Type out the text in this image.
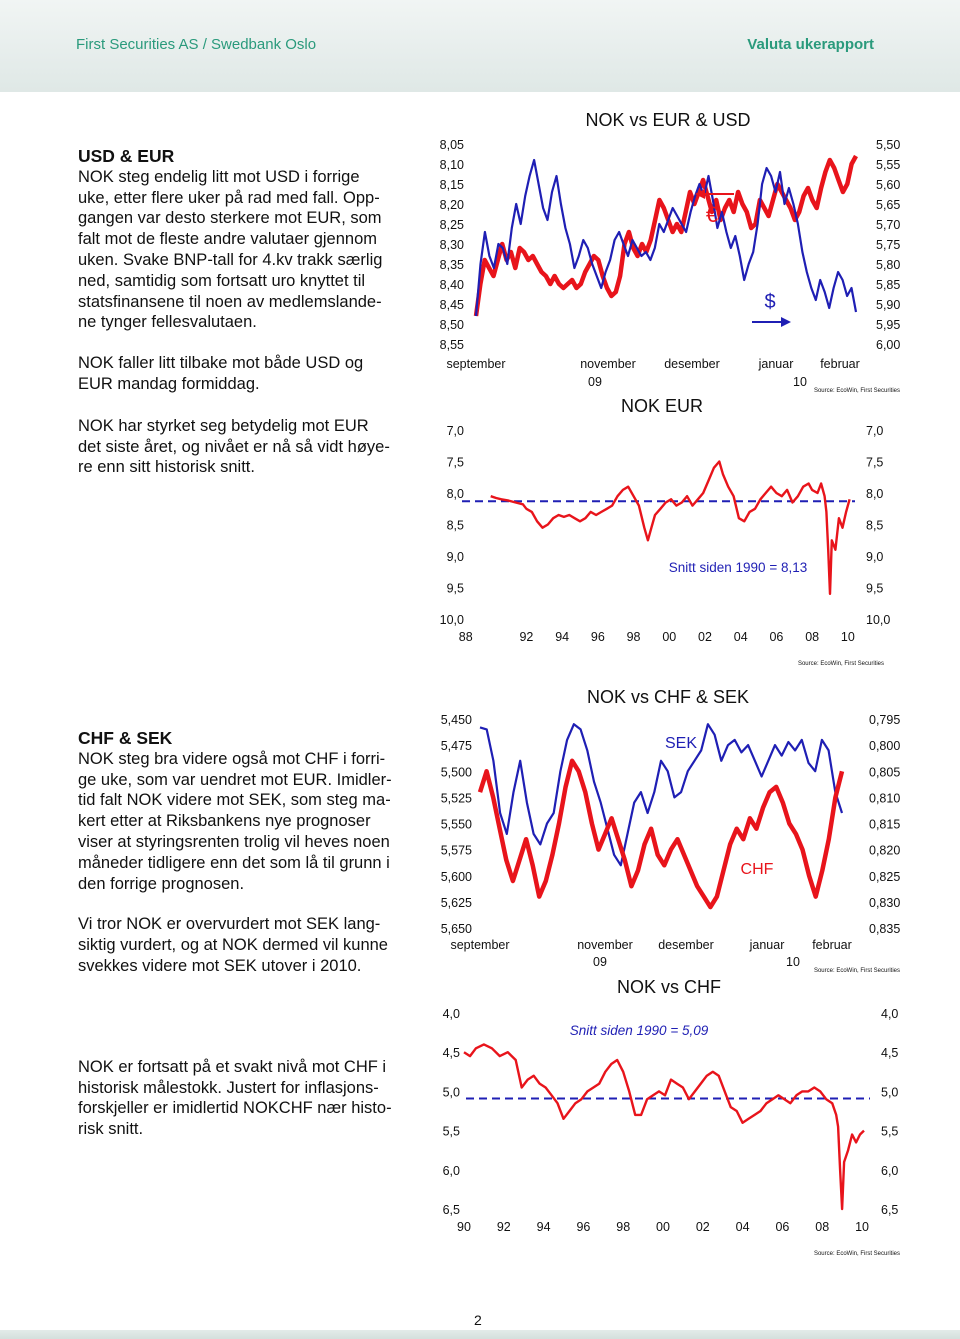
First Securities AS / Swedbank Oslo	Valuta ukerapport
USD & EUR

NOK steg endelig litt mot USD i forrige
uke, etter flere uker på rad med fall. Opp-
gangen var desto sterkere mot EUR, som
falt mot de fleste andre valutaer gjennom
uken. Svake BNP-tall for 4.kv trakk særlig
ned, samtidig som fortsatt uro knyttet til
statsfinansene til noen av medlemslande-
ne tynger fellesvalutaen.

NOK faller litt tilbake mot både USD og
EUR mandag formiddag.

NOK har styrket seg betydelig mot EUR
det siste året, og nivået er nå så vidt høye-
re enn sitt historisk snitt.

CHF & SEK

NOK steg bra videre også mot CHF i forri-
ge uke, som var uendret mot EUR. Imidler-
tid falt NOK videre mot SEK, som steg ma-
kert etter at Riksbankens nye prognoser
viser at styringsrenten trolig vil heves noen
måneder tidligere enn det som lå til grunn i
den forrige prognosen.

Vi tror NOK er overvurdert mot SEK lang-
siktig vurdert, og at NOK dermed vil kunne
svekkes videre mot SEK utover i 2010.

NOK er fortsatt på et svakt nivå mot CHF i
historisk målestokk. Justert for inflasjons-
forskjeller er imidlertid NOKCHF nær histo-
risk snitt.

NOK vs EUR & USD
8,05
8,10
8,15
8,20
8,25
8,30
8,35
8,40
8,45
8,50
8,55
5,50
5,55
5,60
5,65
5,70
5,75
5,80
5,85
5,90
5,95
6,00
september	november desember	januar februar
09	10
Source: EcoWin, First Securities
€
$
NOK EUR
7,0	7,0
7,5	7,5
8,0	8,0
8,5	8,5
9,0	9,0
9,5	9,5
10,0	10,0
88	92 94 96 98 00 02 04 06 08 10
Source: EcoWin, First Securities
Snitt siden 1990 = 8,13
NOK vs CHF & SEK
5,450
5,475
5,500
5,525
5,550
5,575
5,600
5,625
5,650
0,795
0,800
0,805
0,810
0,815
0,820
0,825
0,830
0,835
september	november desember	januar februar
09	10
Source: EcoWin, First Securities
SEK
CHF
NOK vs CHF
4,0	4,0
4,5	4,5
5,0	5,0
5,5	5,5
6,0	6,0
6,5	6,5
90 92 94 96 98 00 02 04 06 08 10
Source: EcoWin, First Securities
Snitt siden 1990 = 5,09
2
